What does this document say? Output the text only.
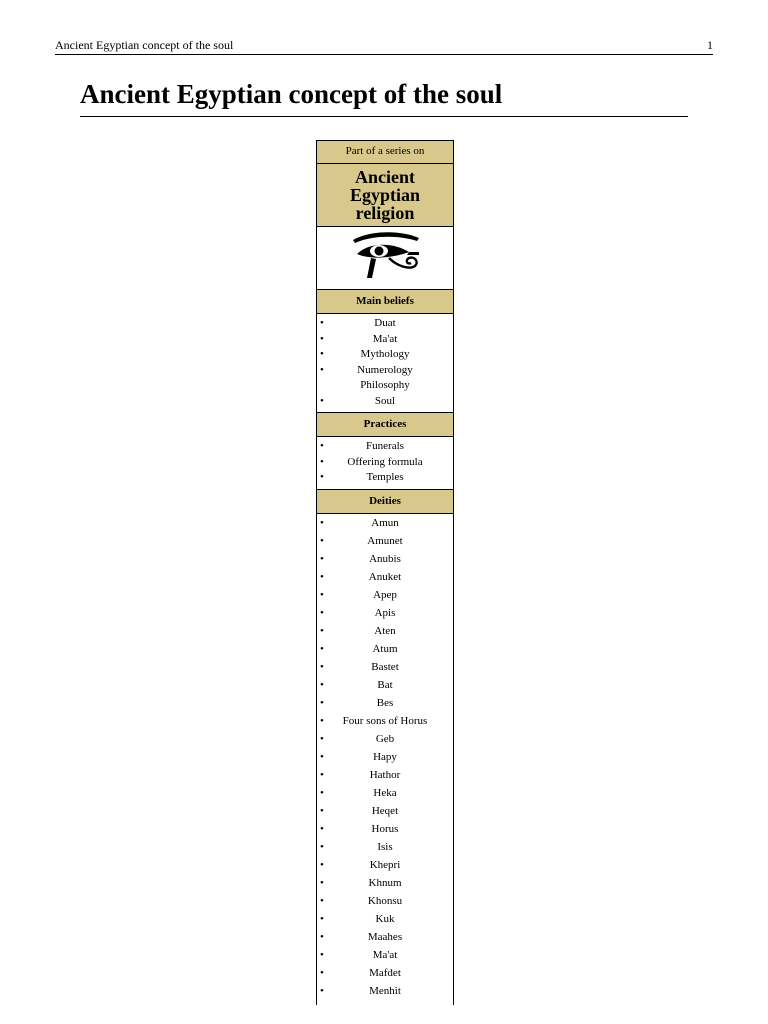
Ancient Egyptian concept of the soul	1
Ancient Egyptian concept of the soul
Part of a series on
Ancient
Egyptian
religion
Main beliefs
•	Duat
•	Ma'at
•	Mythology
•	Numerology
Philosophy
•	Soul
Practices
•	Funerals
• Offering formula
•	Temples
Deities
•	Amun
•	Amunet
•	Anubis
•	Anuket
•	Apep
•	Apis
•	Aten
•	Atum
•	Bastet
•	Bat
•	Bes
• Four sons of Horus
•	Geb
•	Hapy
•	Hathor
•	Heka
•	Heqet
•	Horus
•	Isis
•	Khepri
•	Khnum
•	Khonsu
•	Kuk
•	Maahes
•	Ma'at
•	Mafdet
•	Menhit
